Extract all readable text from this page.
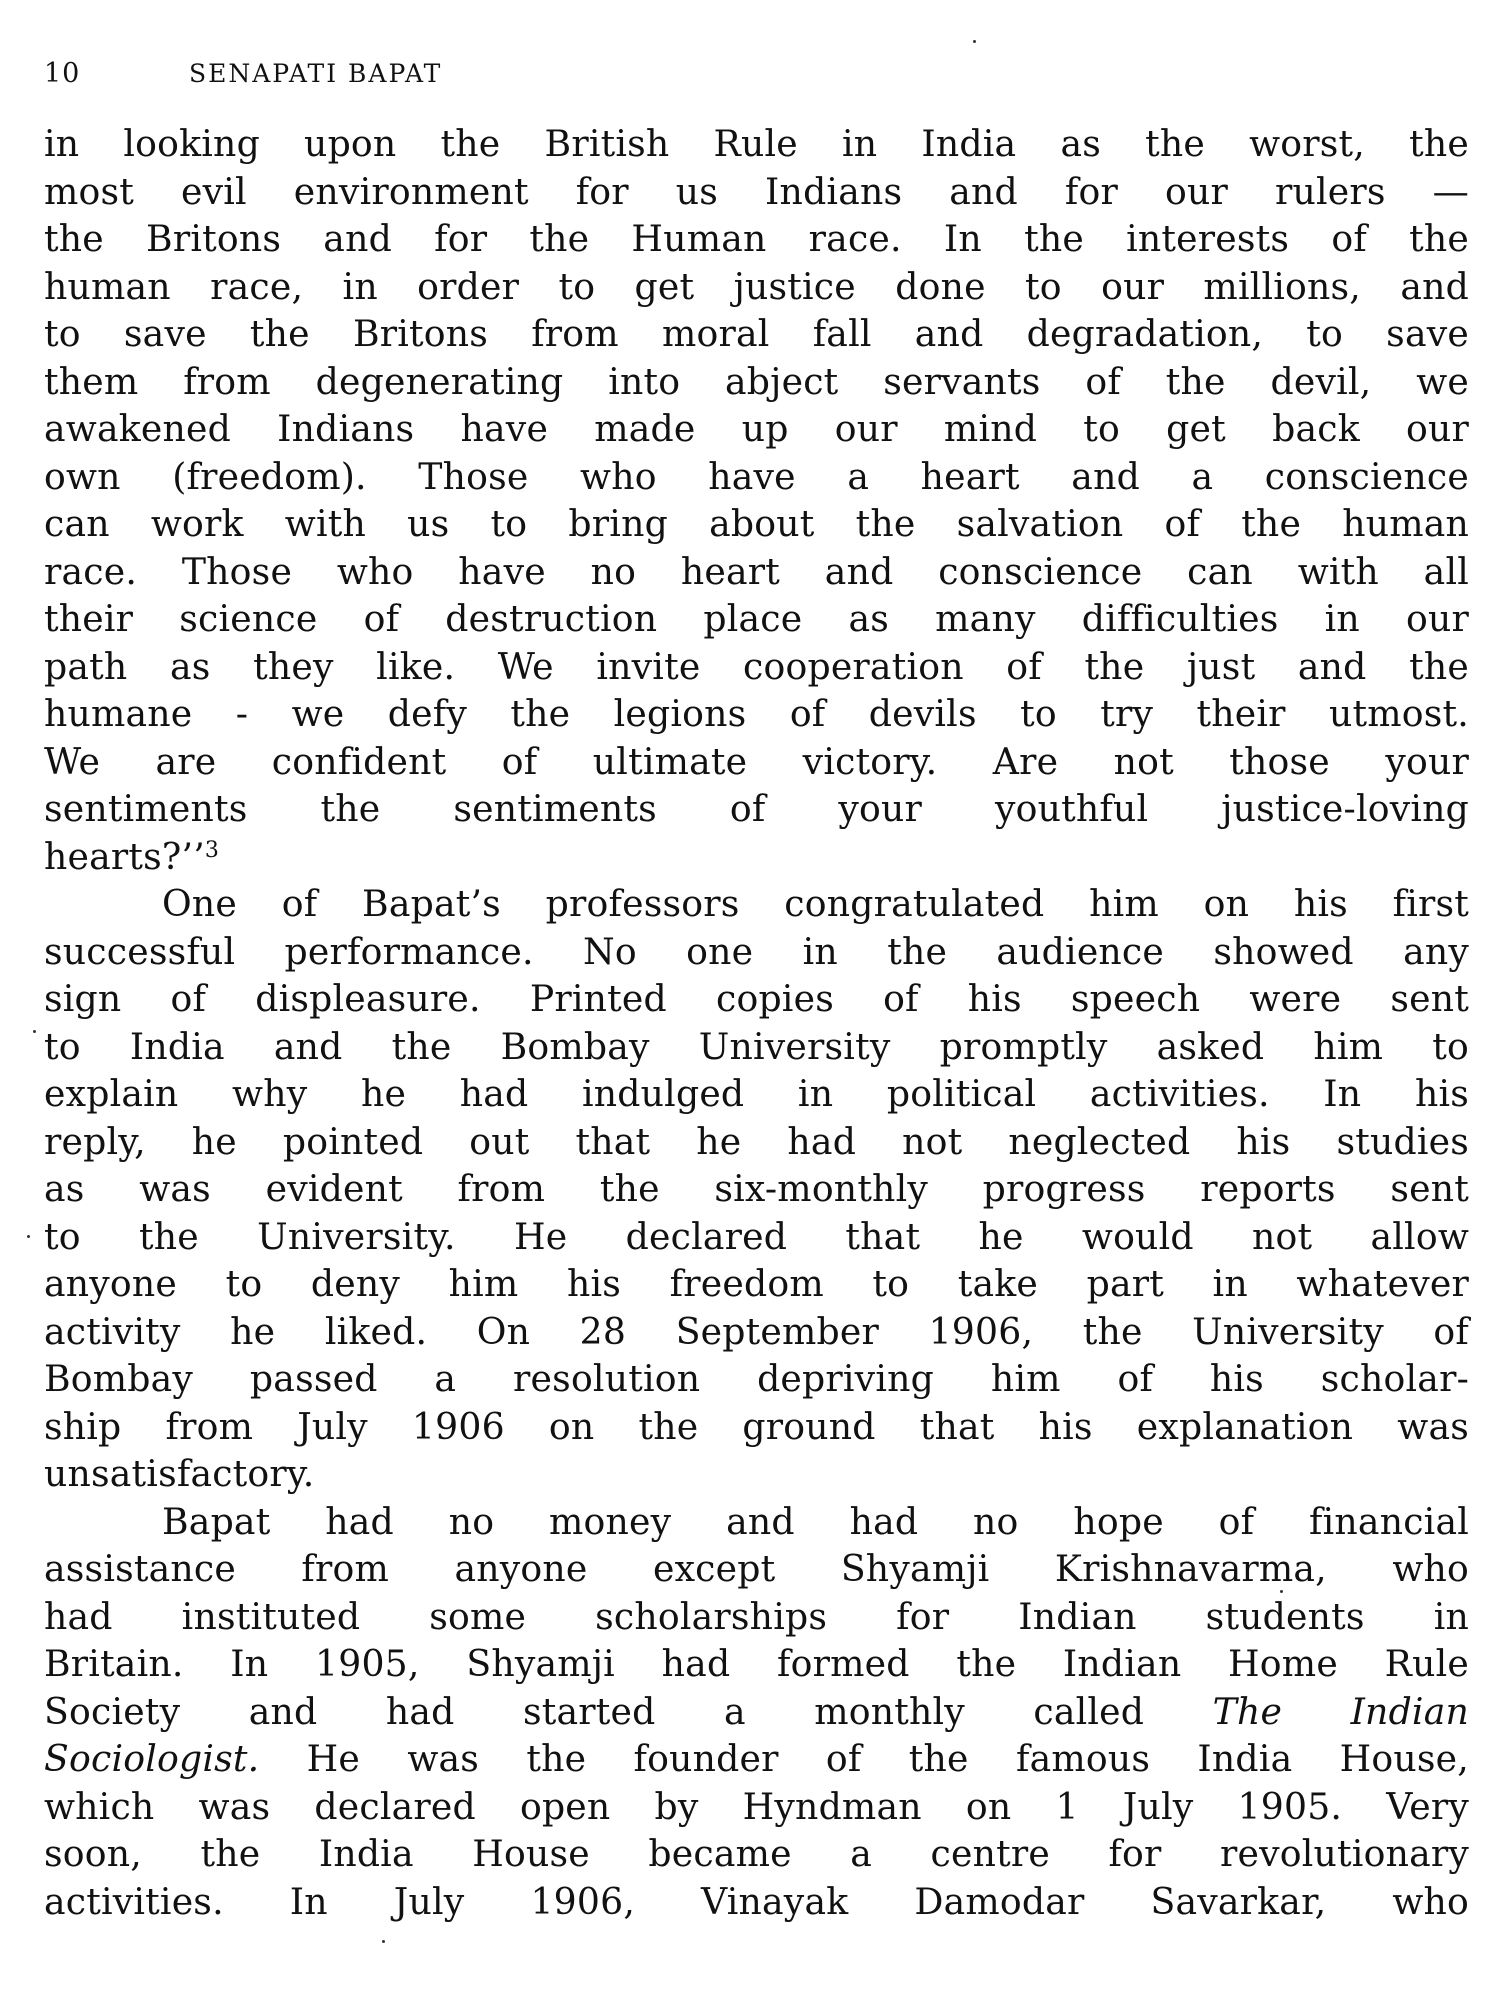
10	SENAPATI BAPAT
in looking upon the British Rule in India as the worst, the
most evil environment for us Indians and for our rulers —
the Britons and for the Human race. In the interests of the
human race, in order to get justice done to our millions, and
to save the Britons from moral fall and degradation, to save
them from degenerating into abject servants of the devil, we
awakened Indians have made up our mind to get back our
own (freedom). Those who have a heart and a conscience
can work with us to bring about the salvation of the human
race. Those who have no heart and conscience can with all
their science of destruction place as many difficulties in our
path as they like. We invite cooperation of the just and the
humane - we defy the legions of devils to try their utmost.
We are confident of ultimate victory. Are not those your
sentiments the sentiments of your youthful justice-loving
hearts?’’$^3$
One of Bapat’s professors congratulated him on his first
successful performance. No one in the audience showed any
sign of displeasure. Printed copies of his speech were sent
to India and the Bombay University promptly asked him to
explain why he had indulged in political activities. In his
reply, he pointed out that he had not neglected his studies
as was evident from the six-monthly progress reports sent
to the University. He declared that he would not allow
anyone to deny him his freedom to take part in whatever
activity he liked. On 28 September 1906, the University of
Bombay passed a resolution depriving him of his scholar-
ship from July 1906 on the ground that his explanation was
unsatisfactory.
Bapat had no money and had no hope of financial
assistance from anyone except Shyamji Krishnavarma, who
had instituted some scholarships for Indian students in
Britain. In 1905, Shyamji had formed the Indian Home Rule
Society and had started a monthly called The Indian
Sociologist. He was the founder of the famous India House,
which was declared open by Hyndman on 1 July 1905. Very
soon, the India House became a centre for revolutionary
activities. In July 1906, Vinayak Damodar Savarkar, who
